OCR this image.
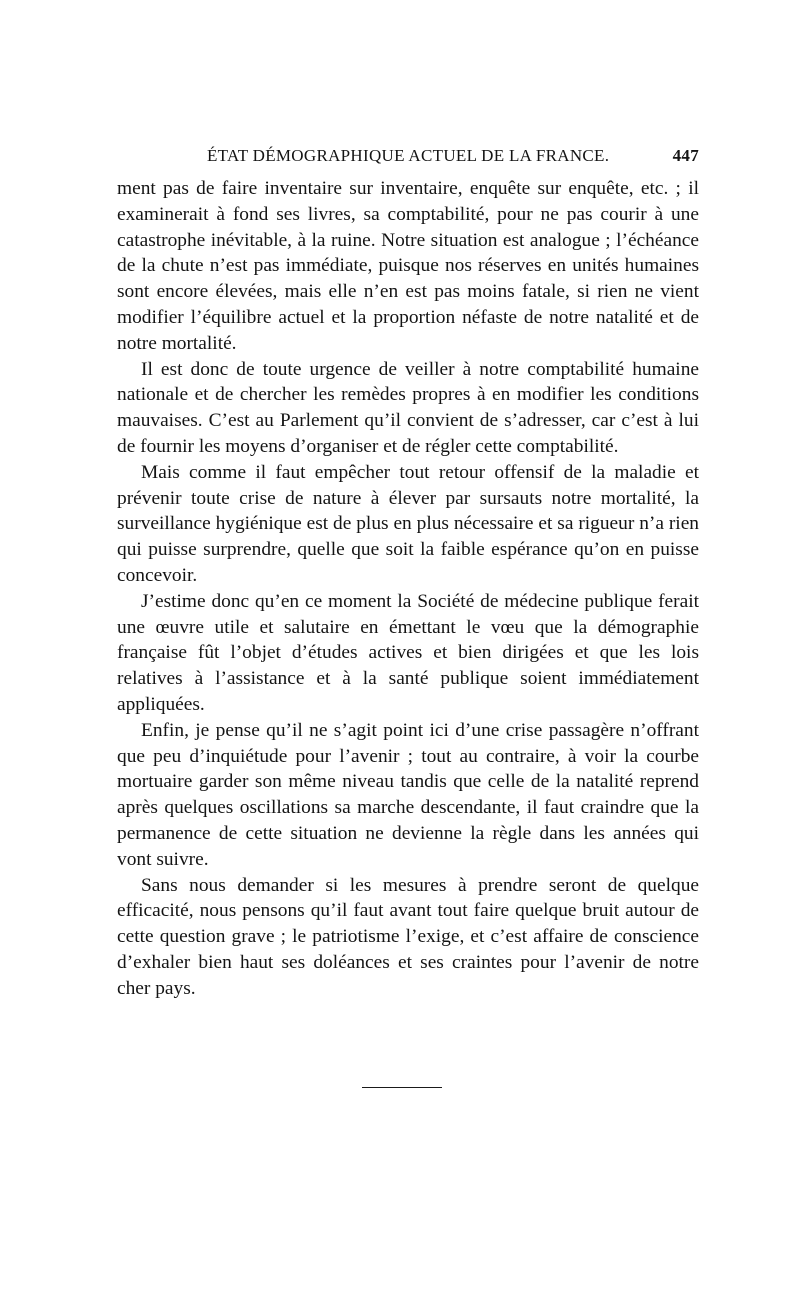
ÉTAT DÉMOGRAPHIQUE ACTUEL DE LA FRANCE.	447

ment pas de faire inventaire sur inventaire, enquête sur enquête, etc. ; il examinerait à fond ses livres, sa comptabilité, pour ne pas courir à une catastrophe inévitable, à la ruine. Notre situation est analogue ; l’échéance de la chute n’est pas immédiate, puisque nos réserves en unités humaines sont encore élevées, mais elle n’en est pas moins fatale, si rien ne vient modifier l’équilibre actuel et la proportion néfaste de notre natalité et de notre mortalité.

Il est donc de toute urgence de veiller à notre comptabilité humaine nationale et de chercher les remèdes propres à en modifier les conditions mauvaises. C’est au Parlement qu’il convient de s’adresser, car c’est à lui de fournir les moyens d’organiser et de régler cette comptabilité.

Mais comme il faut empêcher tout retour offensif de la maladie et prévenir toute crise de nature à élever par sursauts notre mortalité, la surveillance hygiénique est de plus en plus nécessaire et sa rigueur n’a rien qui puisse surprendre, quelle que soit la faible espérance qu’on en puisse concevoir.

J’estime donc qu’en ce moment la Société de médecine publique ferait une œuvre utile et salutaire en émettant le vœu que la démographie française fût l’objet d’études actives et bien dirigées et que les lois relatives à l’assistance et à la santé publique soient immédiatement appliquées.

Enfin, je pense qu’il ne s’agit point ici d’une crise passagère n’offrant que peu d’inquiétude pour l’avenir ; tout au contraire, à voir la courbe mortuaire garder son même niveau tandis que celle de la natalité reprend après quelques oscillations sa marche descendante, il faut craindre que la permanence de cette situation ne devienne la règle dans les années qui vont suivre.

Sans nous demander si les mesures à prendre seront de quelque efficacité, nous pensons qu’il faut avant tout faire quelque bruit autour de cette question grave ; le patriotisme l’exige, et c’est affaire de conscience d’exhaler bien haut ses doléances et ses craintes pour l’avenir de notre cher pays.
